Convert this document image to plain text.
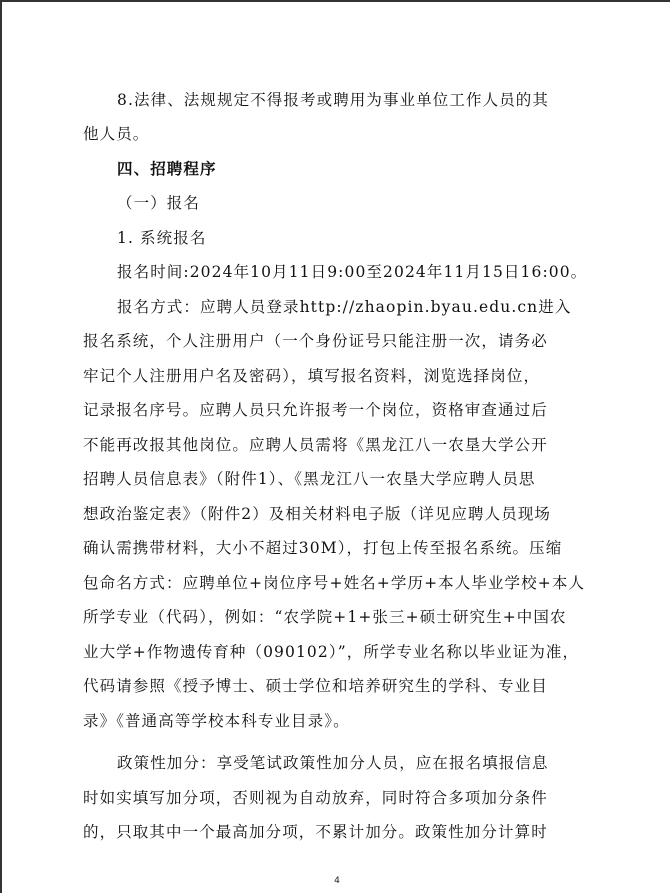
8.法律、法规规定不得报考或聘用为事业单位工作人员的其
他人员。
四、招聘程序
（一）报名
1. 系统报名
报名时间:2024年10月11日9:00至2024年11月15日16:00。
报名方式：应聘人员登录http://zhaopin.byau.edu.cn进入
报名系统，个人注册用户（一个身份证号只能注册一次，请务必
牢记个人注册用户名及密码），填写报名资料，浏览选择岗位，
记录报名序号。应聘人员只允许报考一个岗位，资格审查通过后
不能再改报其他岗位。应聘人员需将《黑龙江八一农垦大学公开
招聘人员信息表》（附件1）、《黑龙江八一农垦大学应聘人员思
想政治鉴定表》（附件2）及相关材料电子版（详见应聘人员现场
确认需携带材料，大小不超过30M），打包上传至报名系统。压缩
包命名方式：应聘单位+岗位序号+姓名+学历+本人毕业学校+本人
所学专业（代码），例如：“农学院+1+张三+硕士研究生+中国农
业大学+作物遗传育种（090102）”，所学专业名称以毕业证为准，
代码请参照《授予博士、硕士学位和培养研究生的学科、专业目
录》《普通高等学校本科专业目录》。
政策性加分：享受笔试政策性加分人员，应在报名填报信息
时如实填写加分项，否则视为自动放弃，同时符合多项加分条件
的，只取其中一个最高加分项，不累计加分。政策性加分计算时
4
